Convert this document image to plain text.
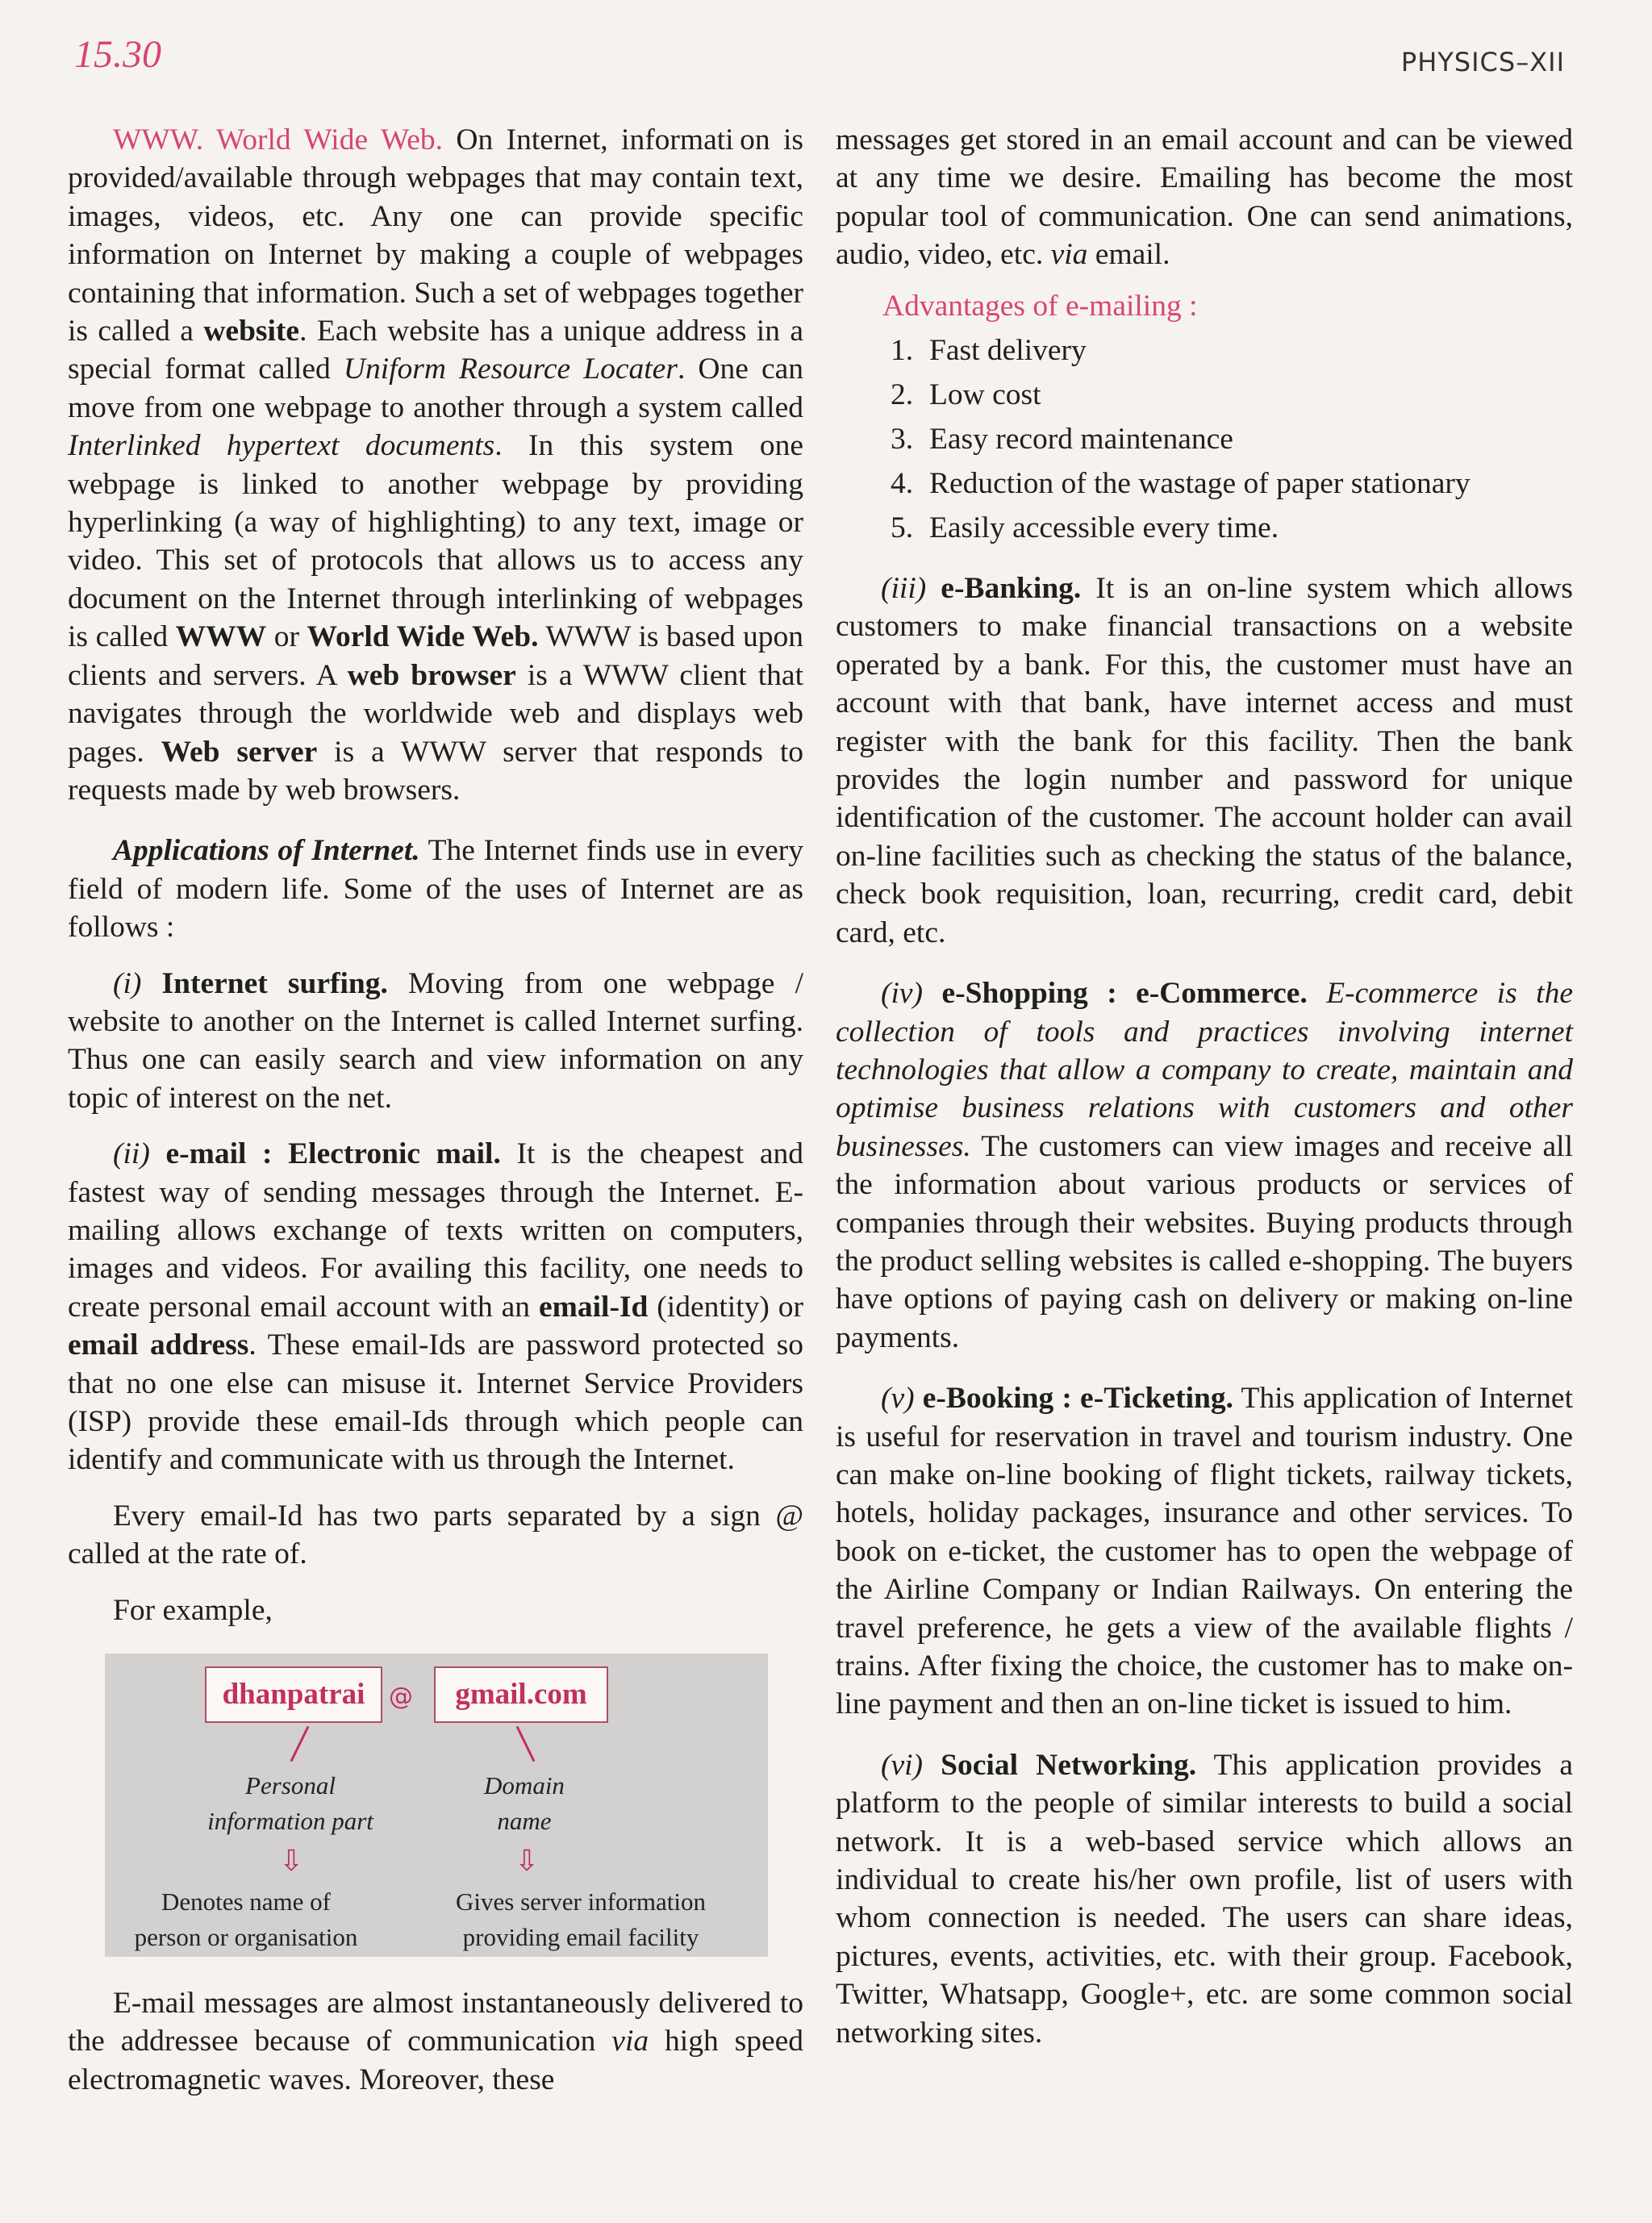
15.30	PHYSICS–XII

WWW. World Wide Web. On Internet, informati on is provided/available through webpages that may contain text, images, videos, etc. Any one can provide specific information on Internet by making a couple of webpages containing that information. Such a set of webpages together is called a website. Each website has a unique address in a special format called Uniform Resource Locater. One can move from one webpage to another through a system called Interlinked hypertext documents. In this system one webpage is linked to another webpage by providing hyperlinking (a way of highlighting) to any text, image or video. This set of protocols that allows us to access any document on the Internet through interlinking of webpages is called WWW or World Wide Web. WWW is based upon clients and servers. A web browser is a WWW client that navigates through the worldwide web and displays web pages. Web server is a WWW server that responds to requests made by web browsers.

Applications of Internet. The Internet finds use in every field of modern life. Some of the uses of Internet are as follows :

(i) Internet surfing. Moving from one webpage / website to another on the Internet is called Internet surfing. Thus one can easily search and view information on any topic of interest on the net.

(ii) e-mail : Electronic mail. It is the cheapest and fastest way of sending messages through the Internet. E-mailing allows exchange of texts written on computers, images and videos. For availing this facility, one needs to create personal email account with an email-Id (identity) or email address. These email-Ids are password protected so that no one else can misuse it. Internet Service Providers (ISP) provide these email-Ids through which people can identify and communicate with us through the Internet.

Every email-Id has two parts separated by a sign @ called at the rate of.

For example,

dhanpatrai @	gmail.com
Personal
information part
Domain
name
⇩	⇩
Denotes name of
person or organisation
Gives server information
providing email facility

E-mail messages are almost instantaneously delivered to the addressee because of communication via high speed electromagnetic waves. Moreover, these

messages get stored in an email account and can be viewed at any time we desire. Emailing has become the most popular tool of communication. One can send animations, audio, video, etc. via email.

Advantages of e-mailing :
1. Fast delivery
2. Low cost
3. Easy record maintenance
4. Reduction of the wastage of paper stationary
5. Easily accessible every time.

(iii) e-Banking. It is an on-line system which allows customers to make financial transactions on a website operated by a bank. For this, the customer must have an account with that bank, have internet access and must register with the bank for this facility. Then the bank provides the login number and password for unique identification of the customer. The account holder can avail on-line facilities such as checking the status of the balance, check book requisition, loan, recurring, credit card, debit card, etc.

(iv) e-Shopping : e-Commerce. E-commerce is the collection of tools and practices involving internet technologies that allow a company to create, maintain and optimise business relations with customers and other businesses. The customers can view images and receive all the information about various products or services of companies through their websites. Buying products through the product selling websites is called e-shopping. The buyers have options of paying cash on delivery or making on-line payments.

(v) e-Booking : e-Ticketing. This application of Internet is useful for reservation in travel and tourism industry. One can make on-line booking of flight tickets, railway tickets, hotels, holiday packages, insurance and other services. To book on e-ticket, the customer has to open the webpage of the Airline Company or Indian Railways. On entering the travel preference, he gets a view of the available flights / trains. After fixing the choice, the customer has to make on-line payment and then an on-line ticket is issued to him.

(vi) Social Networking. This application provides a platform to the people of similar interests to build a social network. It is a web-based service which allows an individual to create his/her own profile, list of users with whom connection is needed. The users can share ideas, pictures, events, activities, etc. with their group. Facebook, Twitter, Whatsapp, Google+, etc. are some common social networking sites.
